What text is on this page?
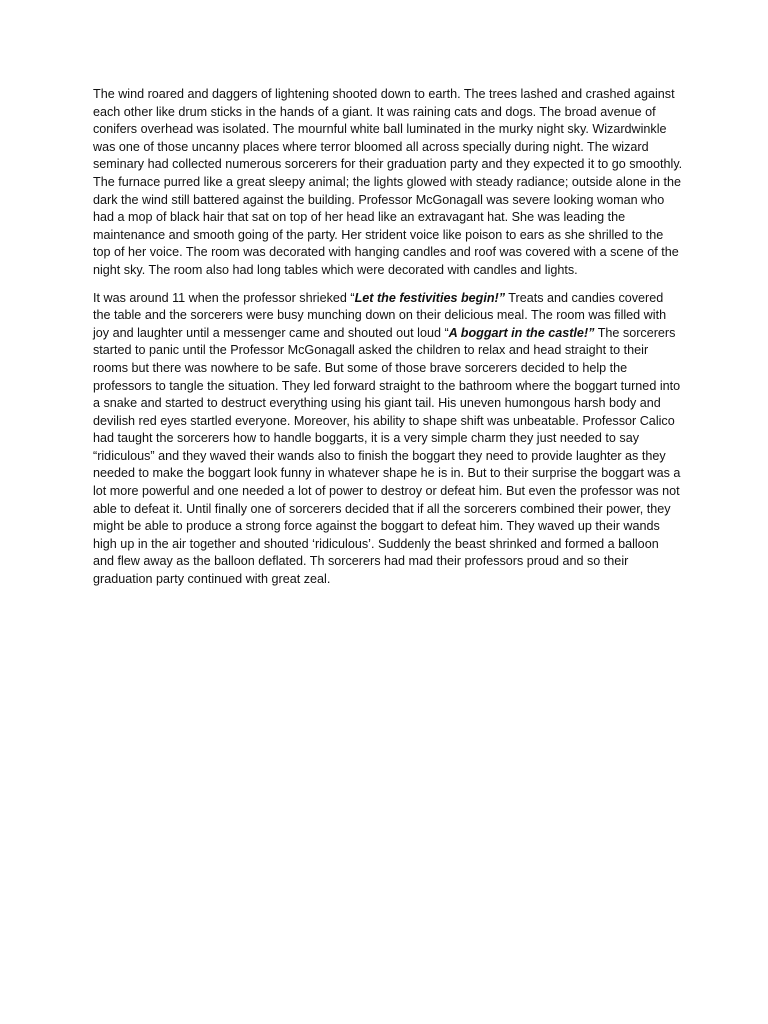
The wind roared and daggers of lightening shooted down to earth. The trees lashed and crashed against each other like drum sticks in the hands of a giant. It was raining cats and dogs. The broad avenue of conifers overhead was isolated. The mournful white ball luminated in the murky night sky. Wizardwinkle was one of those uncanny places where terror bloomed all across specially during night. The wizard seminary had collected numerous sorcerers for their graduation party and they expected it to go smoothly. The furnace purred like a great sleepy animal; the lights glowed with steady radiance; outside alone in the dark the wind still battered against the building. Professor McGonagall was severe looking woman who had a mop of black hair that sat on top of her head like an extravagant hat. She was leading the maintenance and smooth going of the party. Her strident voice like poison to ears as she shrilled to the top of her voice. The room was decorated with hanging candles and roof was covered with a scene of the night sky. The room also had long tables which were decorated with candles and lights.

It was around 11 when the professor shrieked “Let the festivities begin!” Treats and candies covered the table and the sorcerers were busy munching down on their delicious meal. The room was filled with joy and laughter until a messenger came and shouted out loud “A boggart in the castle!” The sorcerers started to panic until the Professor McGonagall asked the children to relax and head straight to their rooms but there was nowhere to be safe. But some of those brave sorcerers decided to help the professors to tangle the situation. They led forward straight to the bathroom where the boggart turned into a snake and started to destruct everything using his giant tail. His uneven humongous harsh body and devilish red eyes startled everyone. Moreover, his ability to shape shift was unbeatable. Professor Calico had taught the sorcerers how to handle boggarts, it is a very simple charm they just needed to say “ridiculous” and they waved their wands also to finish the boggart they need to provide laughter as they needed to make the boggart look funny in whatever shape he is in. But to their surprise the boggart was a lot more powerful and one needed a lot of power to destroy or defeat him. But even the professor was not able to defeat it. Until finally one of sorcerers decided that if all the sorcerers combined their power, they might be able to produce a strong force against the boggart to defeat him. They waved up their wands high up in the air together and shouted ‘ridiculous’. Suddenly the beast shrinked and formed a balloon and flew away as the balloon deflated. Th sorcerers had mad their professors proud and so their graduation party continued with great zeal.
